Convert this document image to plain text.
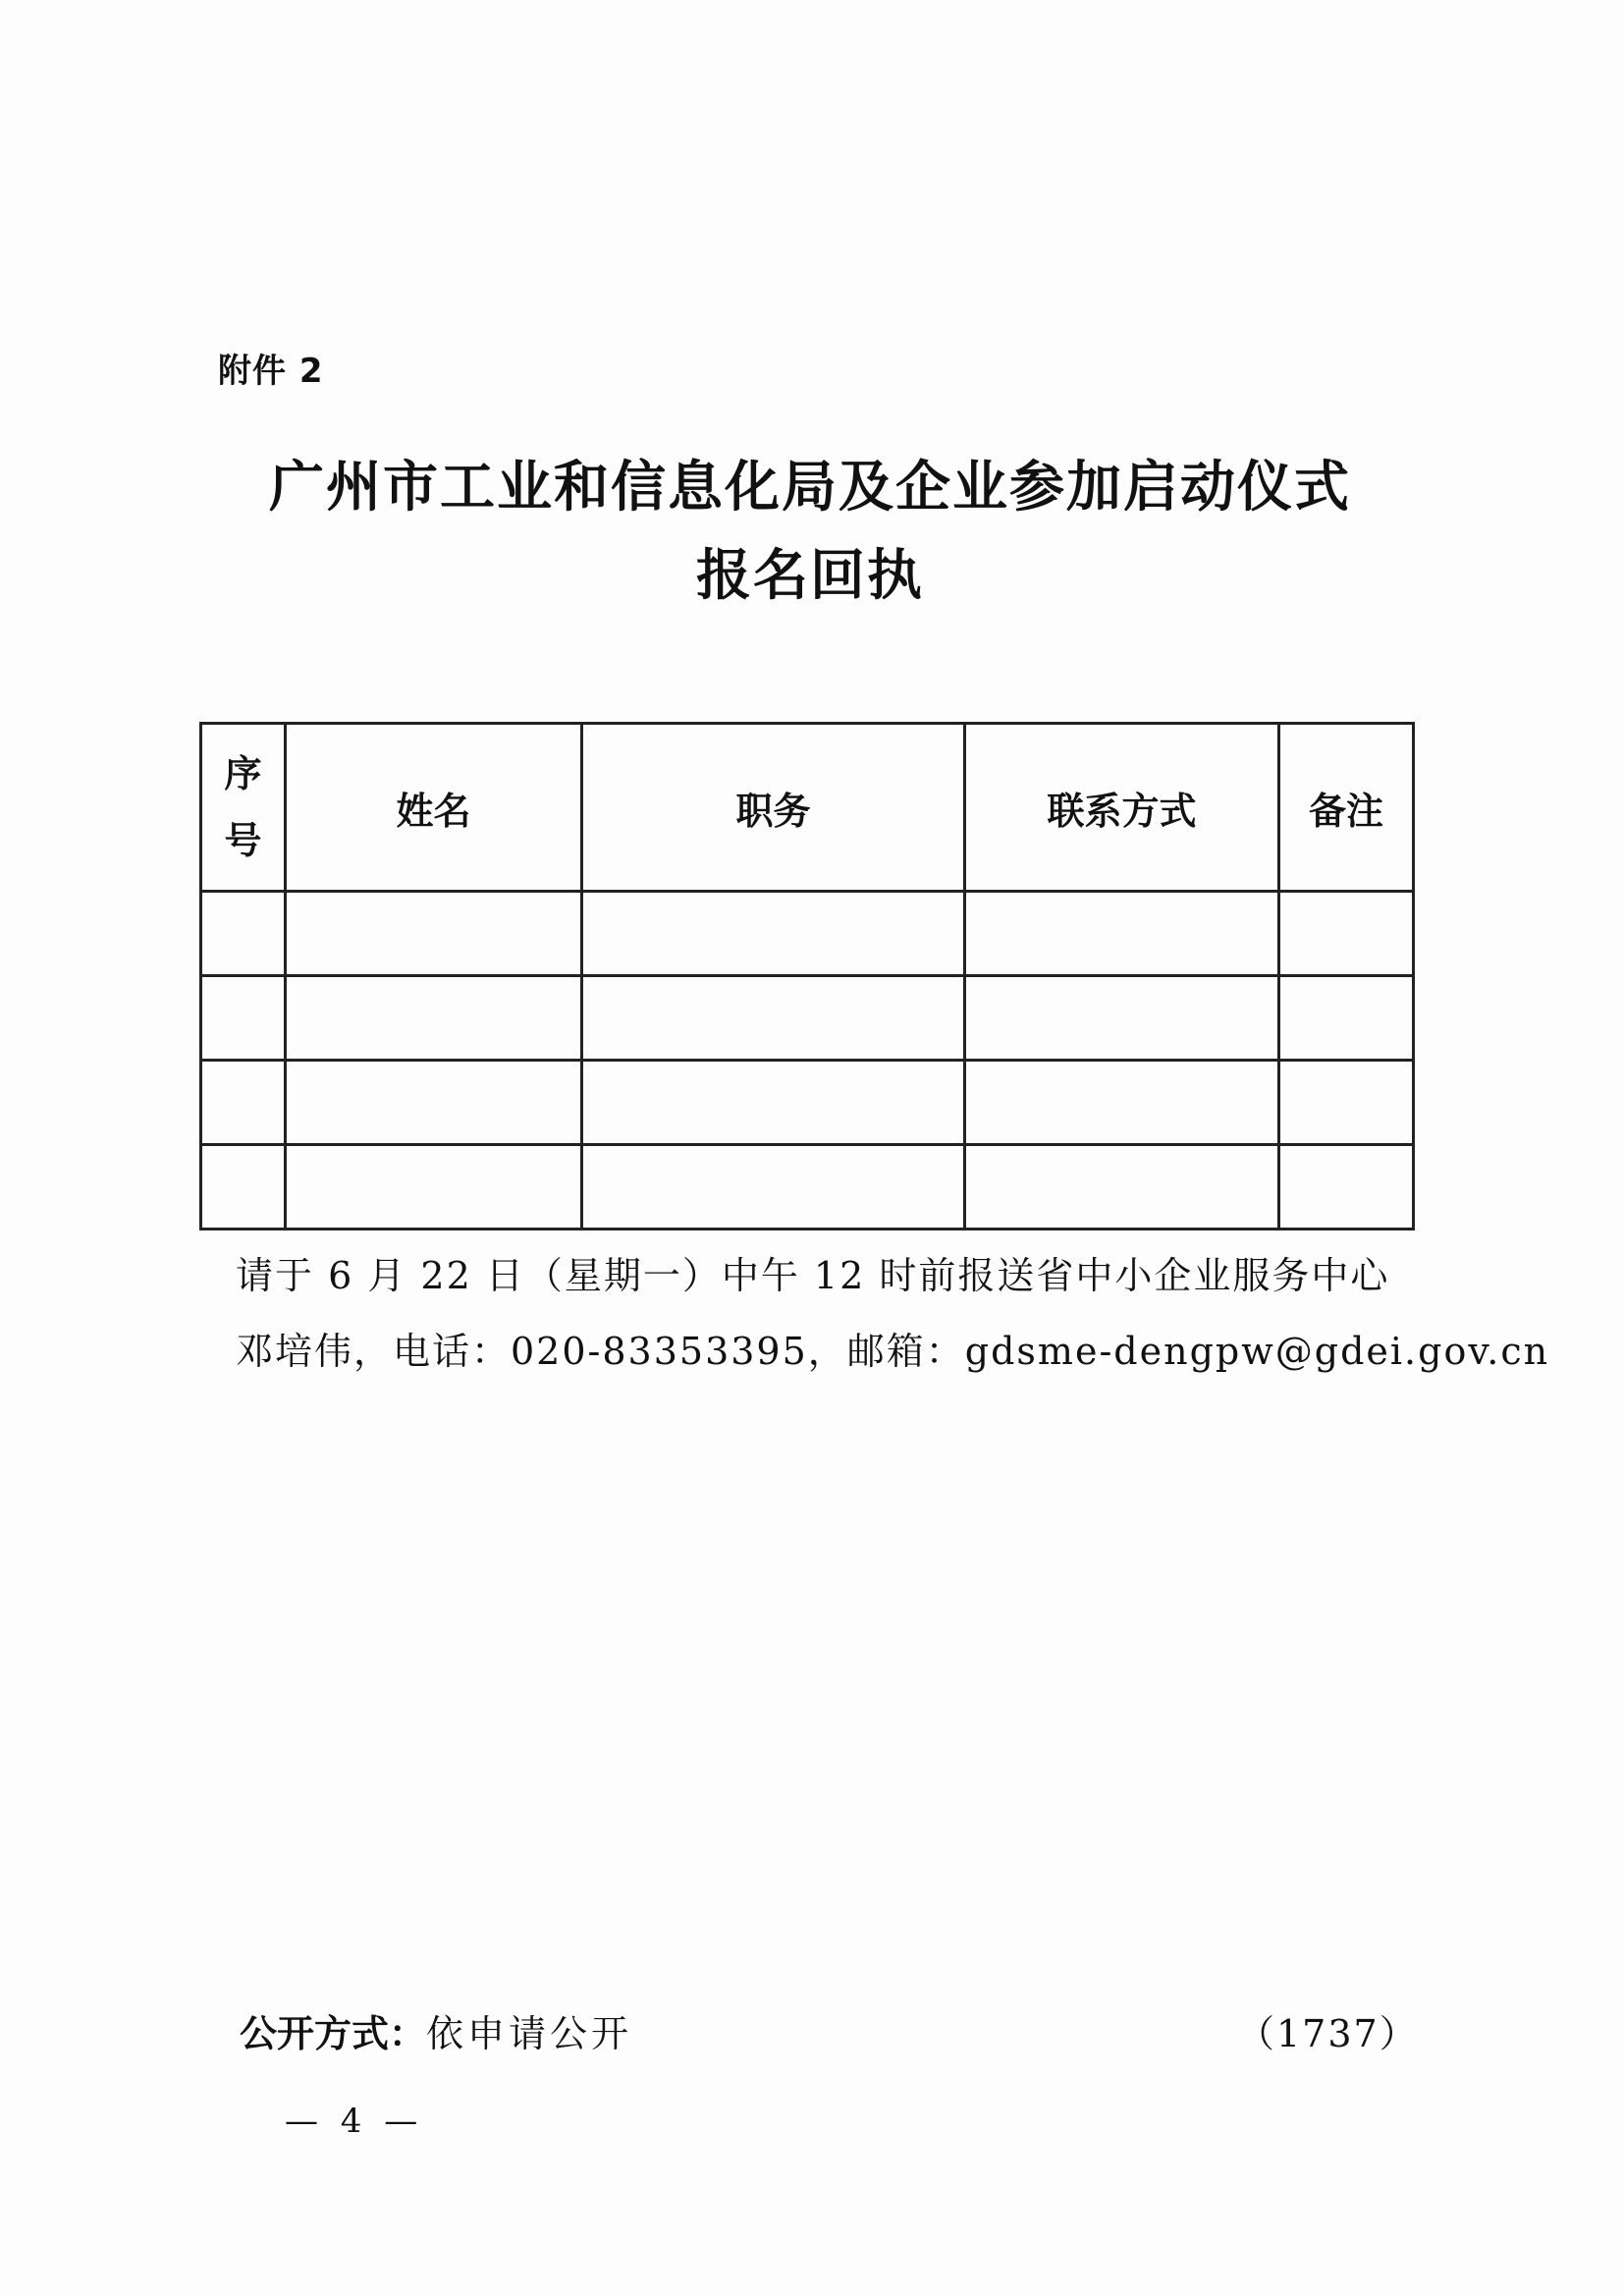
附件 2
广州市工业和信息化局及企业参加启动仪式
报名回执
序
号	姓名	职务	联系方式	备注

请于 6 月 22 日（星期一）中午 12 时前报送省中小企业服务中心
邓培伟，电话：020-83353395，邮箱：gdsme-dengpw@gdei.gov.cn
公开方式：依申请公开	（1737）
— 4 —
